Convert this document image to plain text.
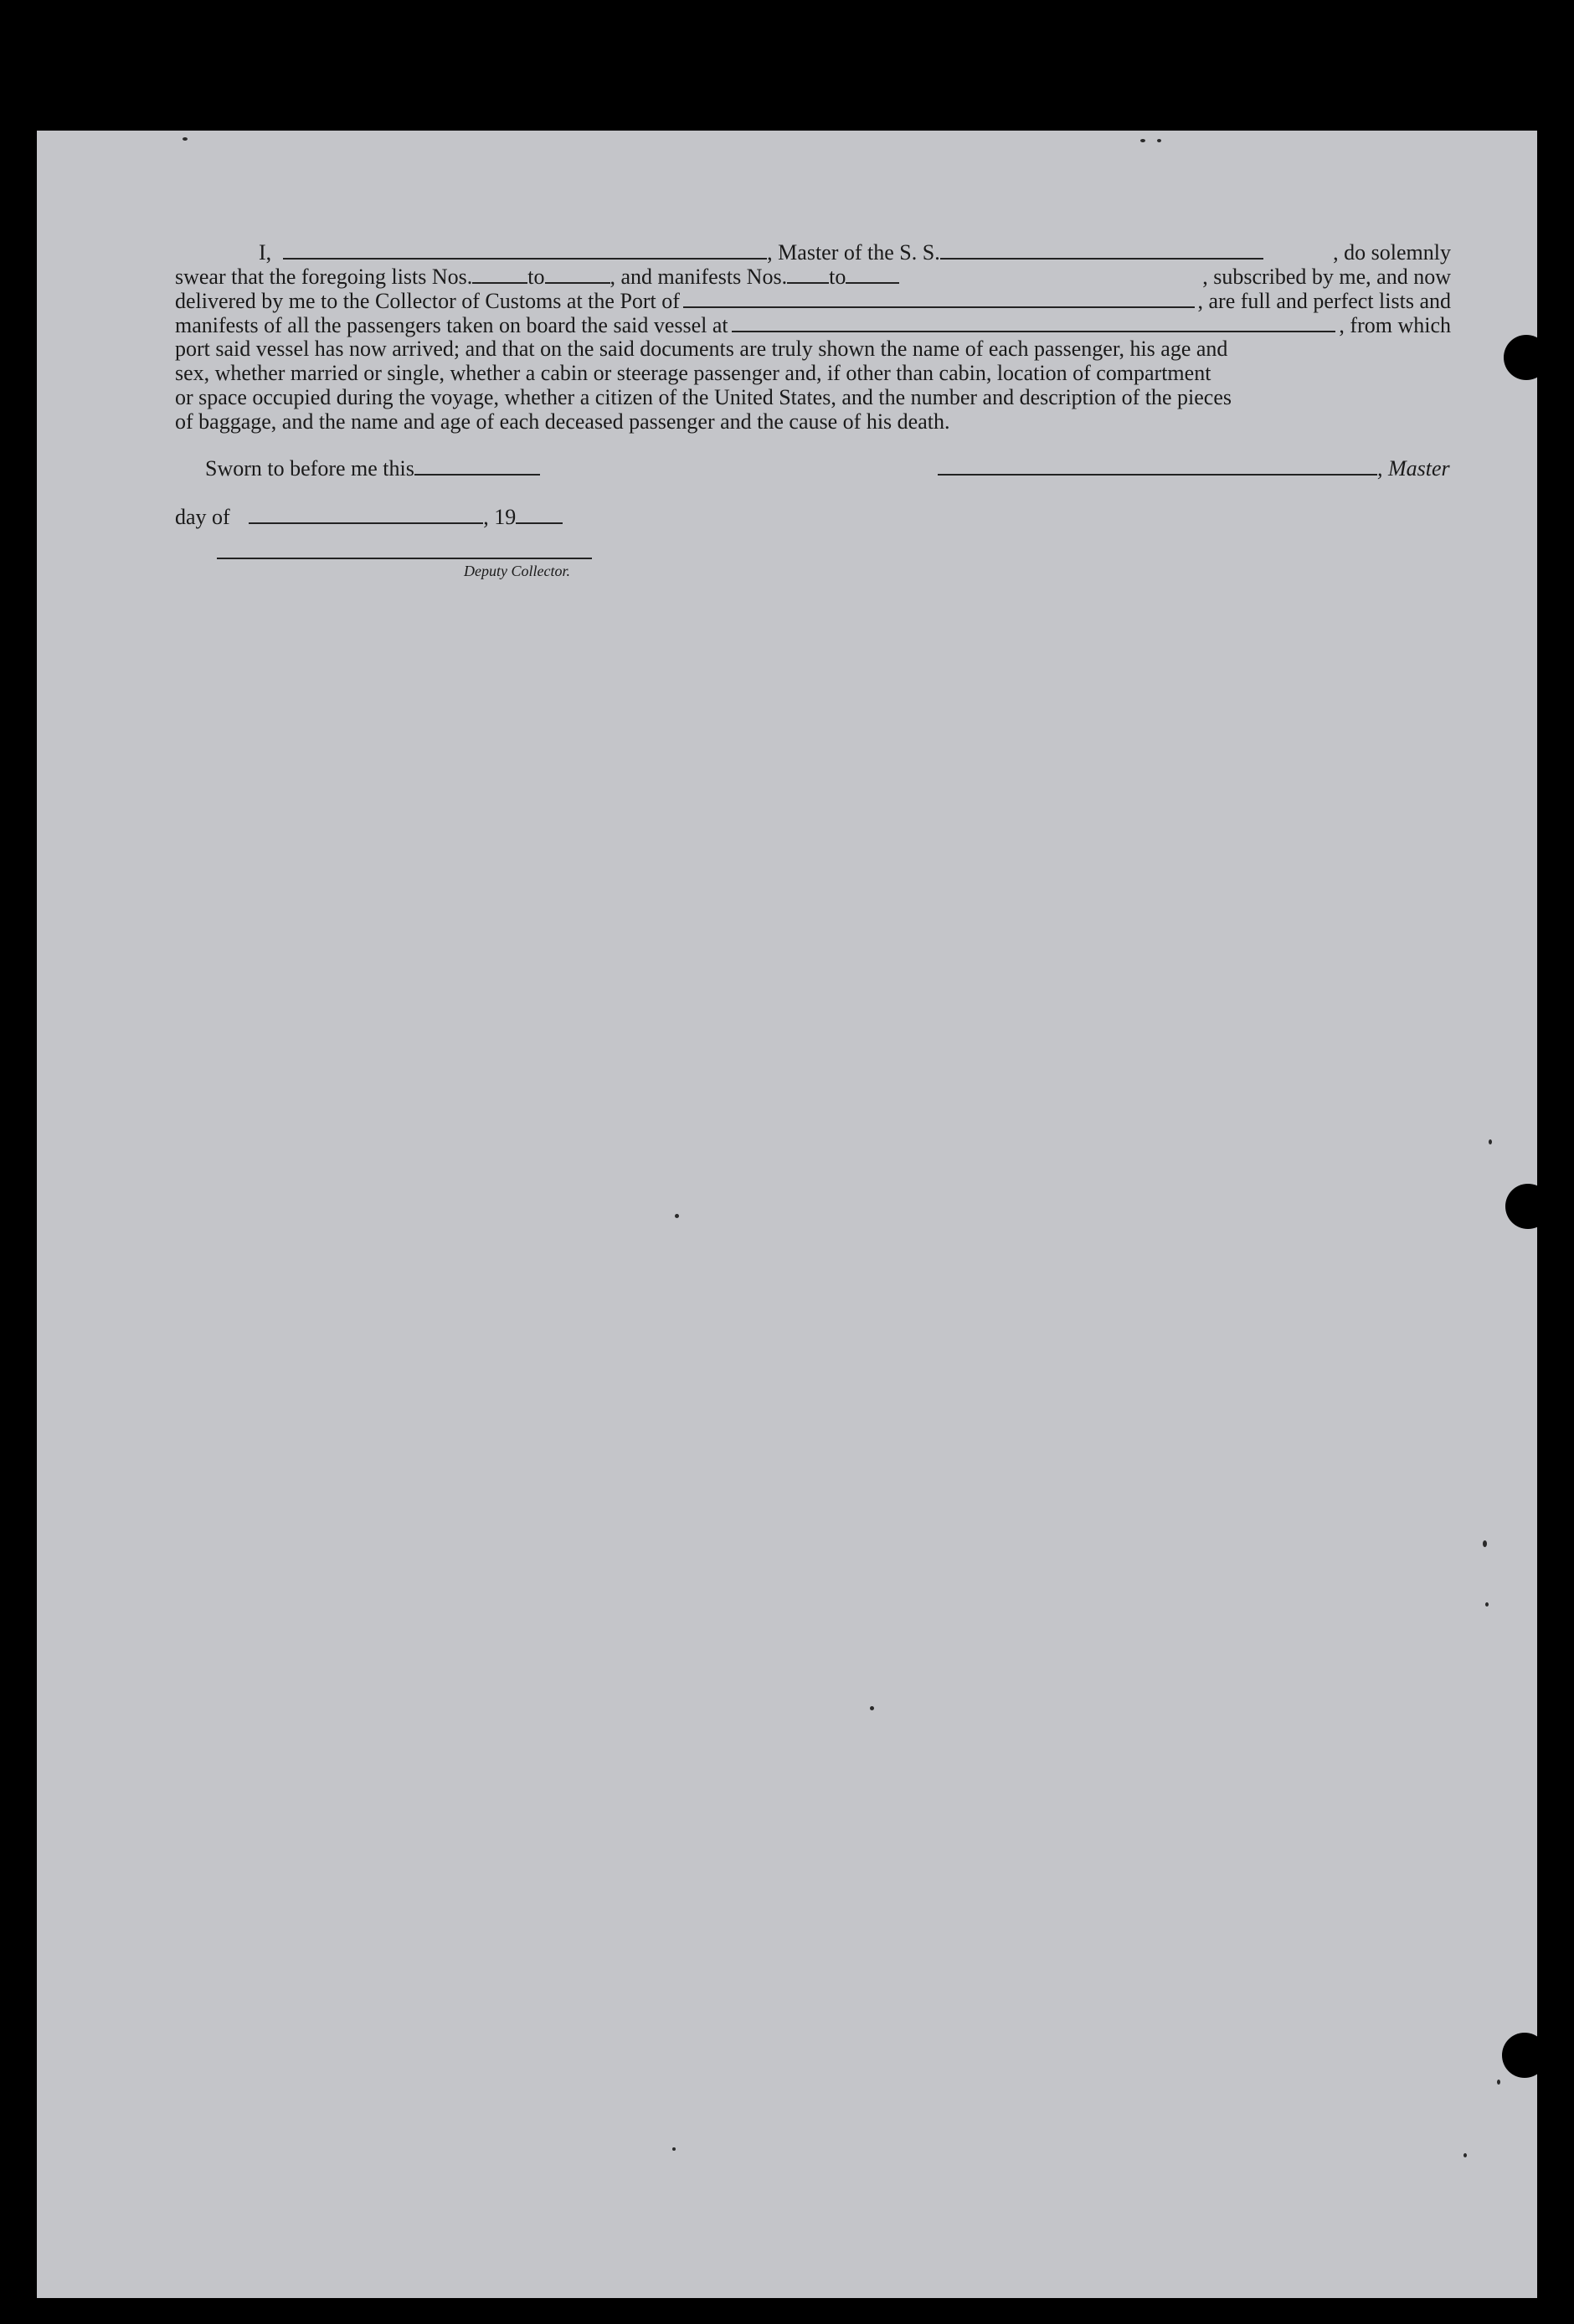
I,	, Master of the S. S.	, do solemnly
swear that the foregoing lists Nos.	to	, and manifests Nos. to	, subscribed by me, and now
delivered by me to the Collector of Customs at the Port of	, are full and perfect lists and
manifests of all the passengers taken on board the said vessel at	, from which
port said vessel has now arrived; and that on the said documents are truly shown the name of each passenger, his age and
sex, whether married or single, whether a cabin or steerage passenger and, if other than cabin, location of compartment
or space occupied during the voyage, whether a citizen of the United States, and the number and description of the pieces
of baggage, and the name and age of each deceased passenger and the cause of his death.
Sworn to before me this	, Master
day of	, 19
Deputy Collector.
